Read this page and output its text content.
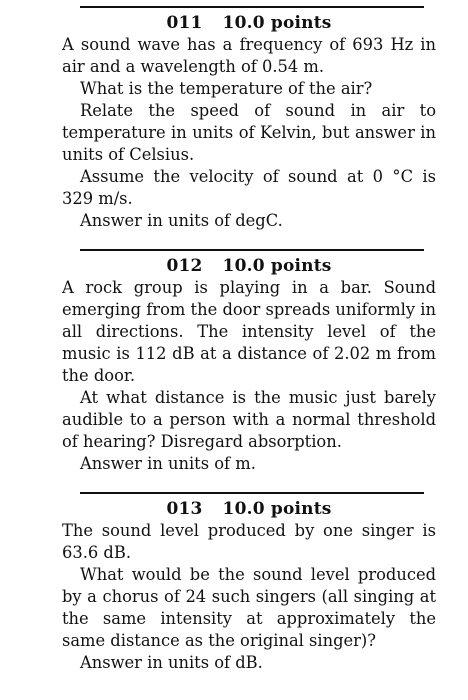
011 10.0 points

A sound wave has a frequency of 693 Hz in air and a wavelength of 0.54 m.

What is the temperature of the air?

Relate the speed of sound in air to temperature in units of Kelvin, but answer in units of Celsius.

Assume the velocity of sound at 0 °C is 329 m/s.

Answer in units of degC.

012 10.0 points

A rock group is playing in a bar. Sound emerging from the door spreads uniformly in all directions. The intensity level of the music is 112 dB at a distance of 2.02 m from the door.

At what distance is the music just barely audible to a person with a normal threshold of hearing? Disregard absorption.

Answer in units of m.

013 10.0 points

The sound level produced by one singer is 63.6 dB.

What would be the sound level produced by a chorus of 24 such singers (all singing at the same intensity at approximately the same distance as the original singer)?

Answer in units of dB.
